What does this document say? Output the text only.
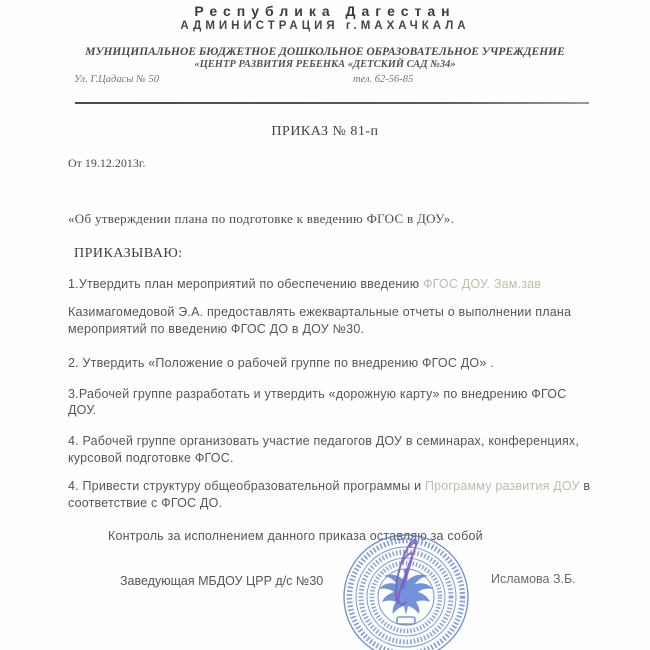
Республика Дагестан
АДМИНИСТРАЦИЯ г.МАХАЧКАЛА
МУНИЦИПАЛЬНОЕ БЮДЖЕТНОЕ ДОШКОЛЬНОЕ ОБРАЗОВАТЕЛЬНОЕ УЧРЕЖДЕНИЕ
«ЦЕНТР РАЗВИТИЯ РЕБЕНКА «ДЕТСКИЙ САД №34»
Ул. Г.Цадасы № 50	тел. 62-56-85
ПРИКАЗ № 81-п
От 19.12.2013г.
«Об утверждении плана по подготовке к введению ФГОС в ДОУ».
ПРИКАЗЫВАЮ:
1.Утвердить план мероприятий по обеспечению введению ФГОС ДОУ. Зам.зав
Казимагомедовой Э.А. предоставлять ежеквартальные отчеты о выполнении плана мероприятий по введению ФГОС ДО в ДОУ №30.
2. Утвердить «Положение о рабочей группе по внедрению ФГОС ДО» .
3.Рабочей группе разработать и утвердить «дорожную карту» по внедрению ФГОС ДОУ.
4. Рабочей группе организовать участие педагогов ДОУ в семинарах, конференциях, курсовой подготовке ФГОС.
4. Привести структуру общеобразовательной программы и Программу развития ДОУ в соответствие с ФГОС ДО.
Контроль за исполнением данного приказа оставляю за собой
Заведующая МБДОУ ЦРР д/с №30	Исламова З.Б.
